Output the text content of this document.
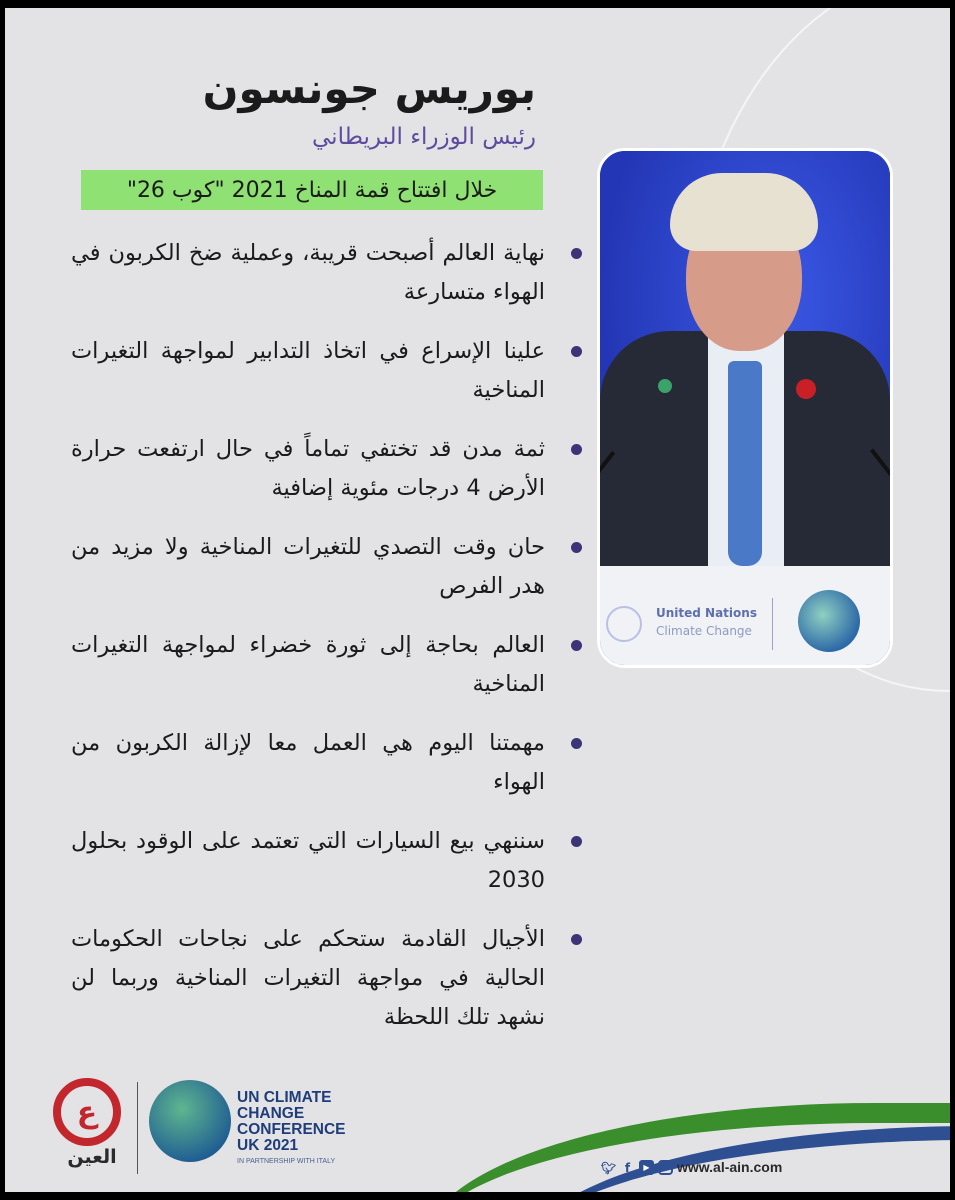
بوريس جونسون
رئيس الوزراء البريطاني
خلال افتتاح قمة المناخ 2021 "كوب 26"
نهاية العالم أصبحت قريبة، وعملية ضخ الكربون في الهواء متسارعة
علينا الإسراع في اتخاذ التدابير لمواجهة التغيرات المناخية
ثمة مدن قد تختفي تماماً في حال ارتفعت حرارة الأرض 4 درجات مئوية إضافية
حان وقت التصدي للتغيرات المناخية ولا مزيد من هدر الفرص
العالم بحاجة إلى ثورة خضراء لمواجهة التغيرات المناخية
مهمتنا اليوم هي العمل معا لإزالة الكربون من الهواء
سننهي بيع السيارات التي تعتمد على الوقود بحلول 2030
الأجيال القادمة ستحكم على نجاحات الحكومات الحالية في مواجهة التغيرات المناخية وربما لن نشهد تلك اللحظة
United Nations
Climate Change
ع
العين
UN CLIMATE
CHANGE
CONFERENCE
UK 2021
IN PARTNERSHIP WITH ITALY	🐦︎ f	▶	www.al-ain.com
